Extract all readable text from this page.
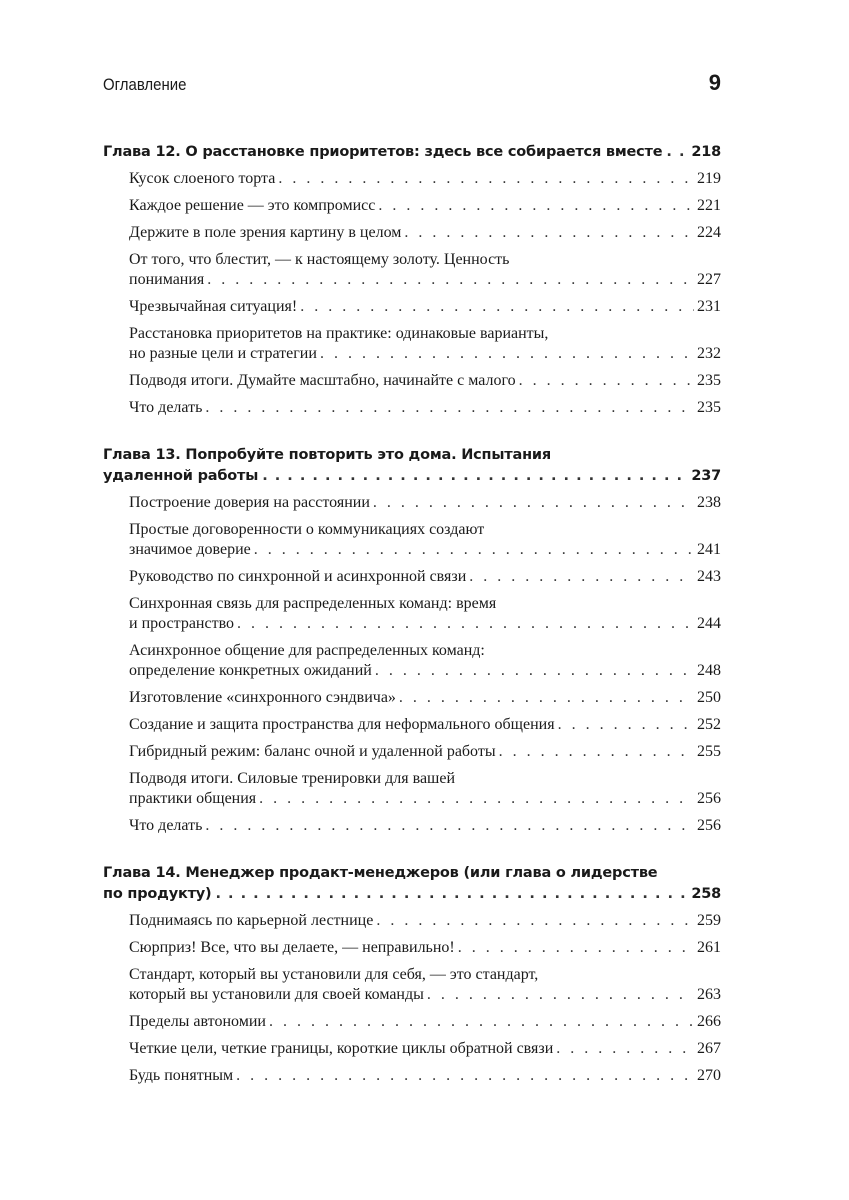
Оглавление	9
Глава 12. О расстановке приоритетов: здесь все собирается вместе . . . 218
Кусок слоеного торта . . .	219
Каждое решение — это компромисс . . .	221
Держите в поле зрения картину в целом . . .	224
От того, что блестит, — к настоящему золоту. Ценность
понимания . . .	227
Чрезвычайная ситуация! . . .	231
Расстановка приоритетов на практике: одинаковые варианты,
но разные цели и стратегии . . .	232
Подводя итоги. Думайте масштабно, начинайте с малого . . .	235
Что делать . . .	235
Глава 13. Попробуйте повторить это дома. Испытания
удаленной работы . . .	237
Построение доверия на расстоянии . . .	238
Простые договоренности о коммуникациях создают
значимое доверие . . .	241
Руководство по синхронной и асинхронной связи . . .	243
Синхронная связь для распределенных команд: время
и пространство . . .	244
Асинхронное общение для распределенных команд:
определение конкретных ожиданий . . .	248
Изготовление «синхронного сэндвича» . . .	250
Создание и защита пространства для неформального общения . . .	252
Гибридный режим: баланс очной и удаленной работы . . .	255
Подводя итоги. Силовые тренировки для вашей
практики общения . . .	256
Что делать . . .	256
Глава 14. Менеджер продакт-менеджеров (или глава о лидерстве
по продукту) . . .	258
Поднимаясь по карьерной лестнице . . .	259
Сюрприз! Все, что вы делаете, — неправильно! . . .	261
Стандарт, который вы установили для себя, — это стандарт,
который вы установили для своей команды . . .	263
Пределы автономии . . .	266
Четкие цели, четкие границы, короткие циклы обратной связи . . .	267
Будь понятным . . .	270
